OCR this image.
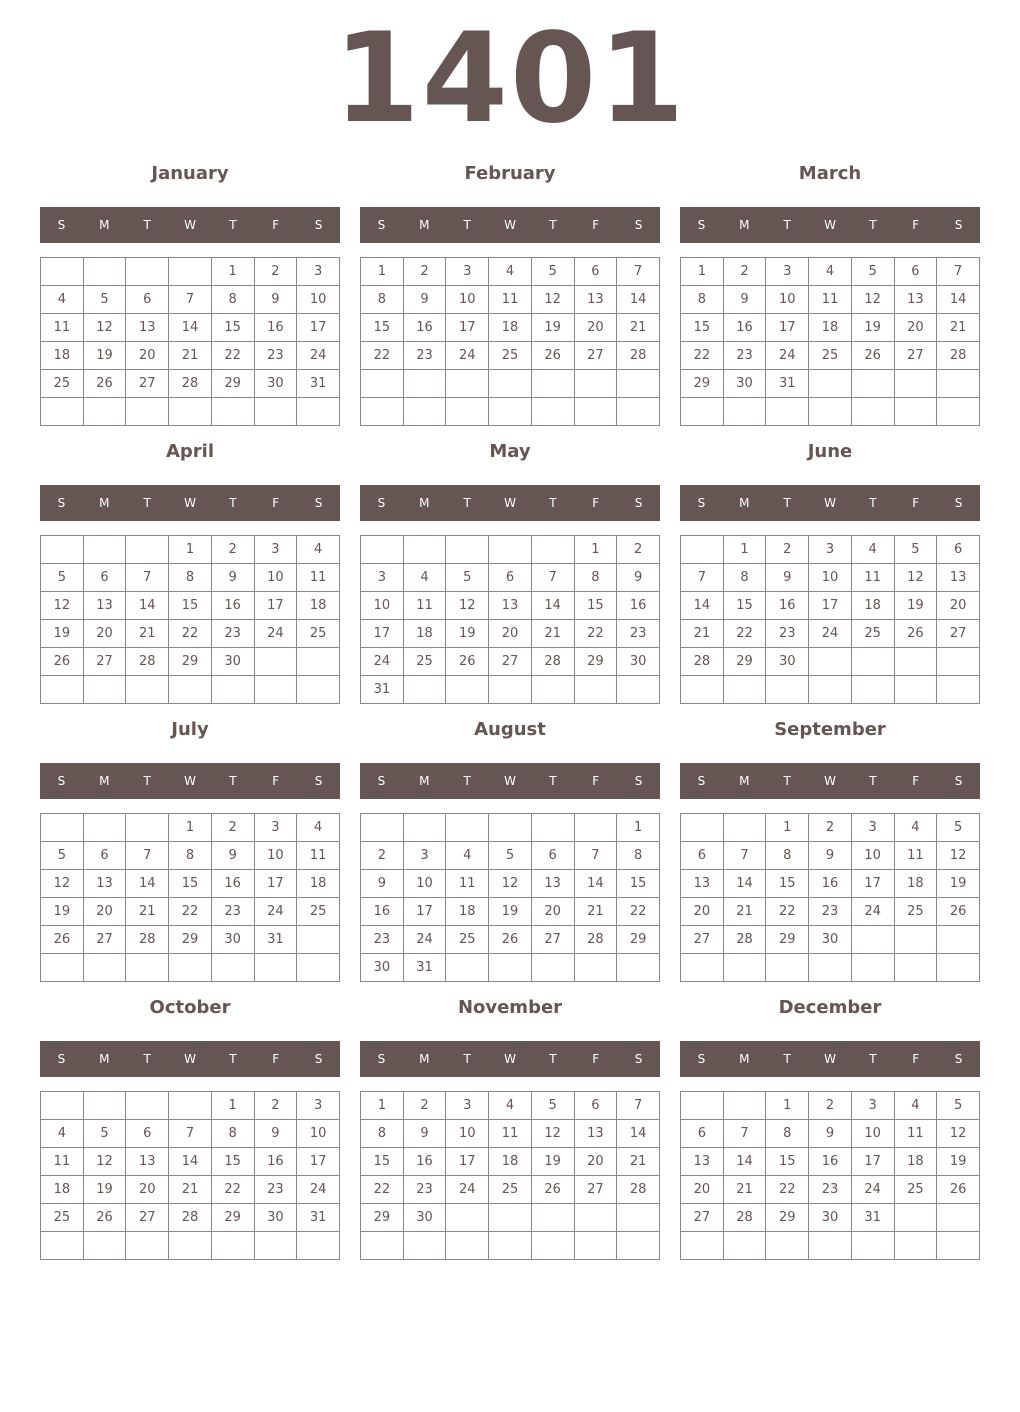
1401
January
S	M	T	W	T	F	S
				1	2	3
4	5	6	7	8	9	10
11	12	13	14	15	16	17
18	19	20	21	22	23	24
25	26	27	28	29	30	31

February
S	M	T	W	T	F	S
1	2	3	4	5	6	7
8	9	10	11	12	13	14
15	16	17	18	19	20	21
22	23	24	25	26	27	28

March
S	M	T	W	T	F	S
1	2	3	4	5	6	7
8	9	10	11	12	13	14
15	16	17	18	19	20	21
22	23	24	25	26	27	28
29	30	31				

April
S	M	T	W	T	F	S
			1	2	3	4
5	6	7	8	9	10	11
12	13	14	15	16	17	18
19	20	21	22	23	24	25
26	27	28	29	30		

May
S	M	T	W	T	F	S
					1	2
3	4	5	6	7	8	9
10	11	12	13	14	15	16
17	18	19	20	21	22	23
24	25	26	27	28	29	30
31						
June
S	M	T	W	T	F	S
	1	2	3	4	5	6
7	8	9	10	11	12	13
14	15	16	17	18	19	20
21	22	23	24	25	26	27
28	29	30				

July
S	M	T	W	T	F	S
			1	2	3	4
5	6	7	8	9	10	11
12	13	14	15	16	17	18
19	20	21	22	23	24	25
26	27	28	29	30	31	

August
S	M	T	W	T	F	S
						1
2	3	4	5	6	7	8
9	10	11	12	13	14	15
16	17	18	19	20	21	22
23	24	25	26	27	28	29
30	31					
September
S	M	T	W	T	F	S
		1	2	3	4	5
6	7	8	9	10	11	12
13	14	15	16	17	18	19
20	21	22	23	24	25	26
27	28	29	30			

October
S	M	T	W	T	F	S
				1	2	3
4	5	6	7	8	9	10
11	12	13	14	15	16	17
18	19	20	21	22	23	24
25	26	27	28	29	30	31

November
S	M	T	W	T	F	S
1	2	3	4	5	6	7
8	9	10	11	12	13	14
15	16	17	18	19	20	21
22	23	24	25	26	27	28
29	30					

December
S	M	T	W	T	F	S
		1	2	3	4	5
6	7	8	9	10	11	12
13	14	15	16	17	18	19
20	21	22	23	24	25	26
27	28	29	30	31		
